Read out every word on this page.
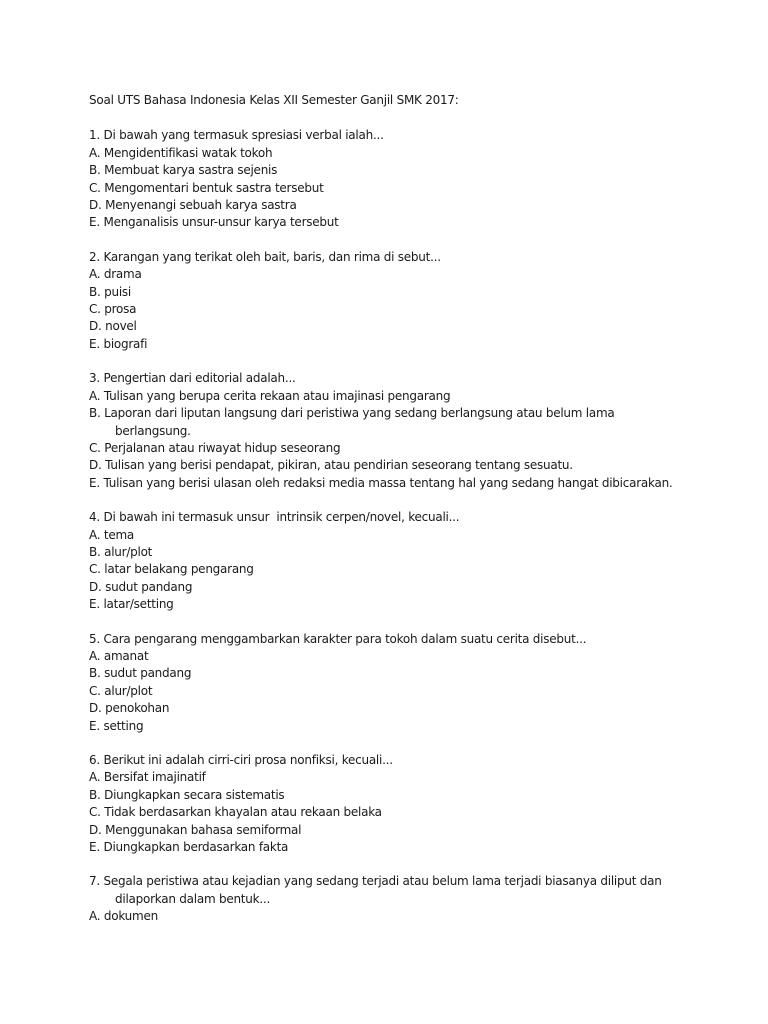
Soal UTS Bahasa Indonesia Kelas XII Semester Ganjil SMK 2017:

1. Di bawah yang termasuk spresiasi verbal ialah...

A. Mengidentifikasi watak tokoh

B. Membuat karya sastra sejenis

C. Mengomentari bentuk sastra tersebut

D. Menyenangi sebuah karya sastra

E. Menganalisis unsur-unsur karya tersebut

2. Karangan yang terikat oleh bait, baris, dan rima di sebut...

A. drama

B. puisi

C. prosa

D. novel

E. biografi

3. Pengertian dari editorial adalah...

A. Tulisan yang berupa cerita rekaan atau imajinasi pengarang

B. Laporan dari liputan langsung dari peristiwa yang sedang berlangsung atau belum lama
berlangsung.

C. Perjalanan atau riwayat hidup seseorang

D. Tulisan yang berisi pendapat, pikiran, atau pendirian seseorang tentang sesuatu.

E. Tulisan yang berisi ulasan oleh redaksi media massa tentang hal yang sedang hangat dibicarakan.

4. Di bawah ini termasuk unsur  intrinsik cerpen/novel, kecuali...

A. tema

B. alur/plot

C. latar belakang pengarang

D. sudut pandang

E. latar/setting

5. Cara pengarang menggambarkan karakter para tokoh dalam suatu cerita disebut...

A. amanat

B. sudut pandang

C. alur/plot

D. penokohan

E. setting

6. Berikut ini adalah cirri-ciri prosa nonfiksi, kecuali...

A. Bersifat imajinatif

B. Diungkapkan secara sistematis

C. Tidak berdasarkan khayalan atau rekaan belaka

D. Menggunakan bahasa semiformal

E. Diungkapkan berdasarkan fakta

7. Segala peristiwa atau kejadian yang sedang terjadi atau belum lama terjadi biasanya diliput dan
dilaporkan dalam bentuk...

A. dokumen
